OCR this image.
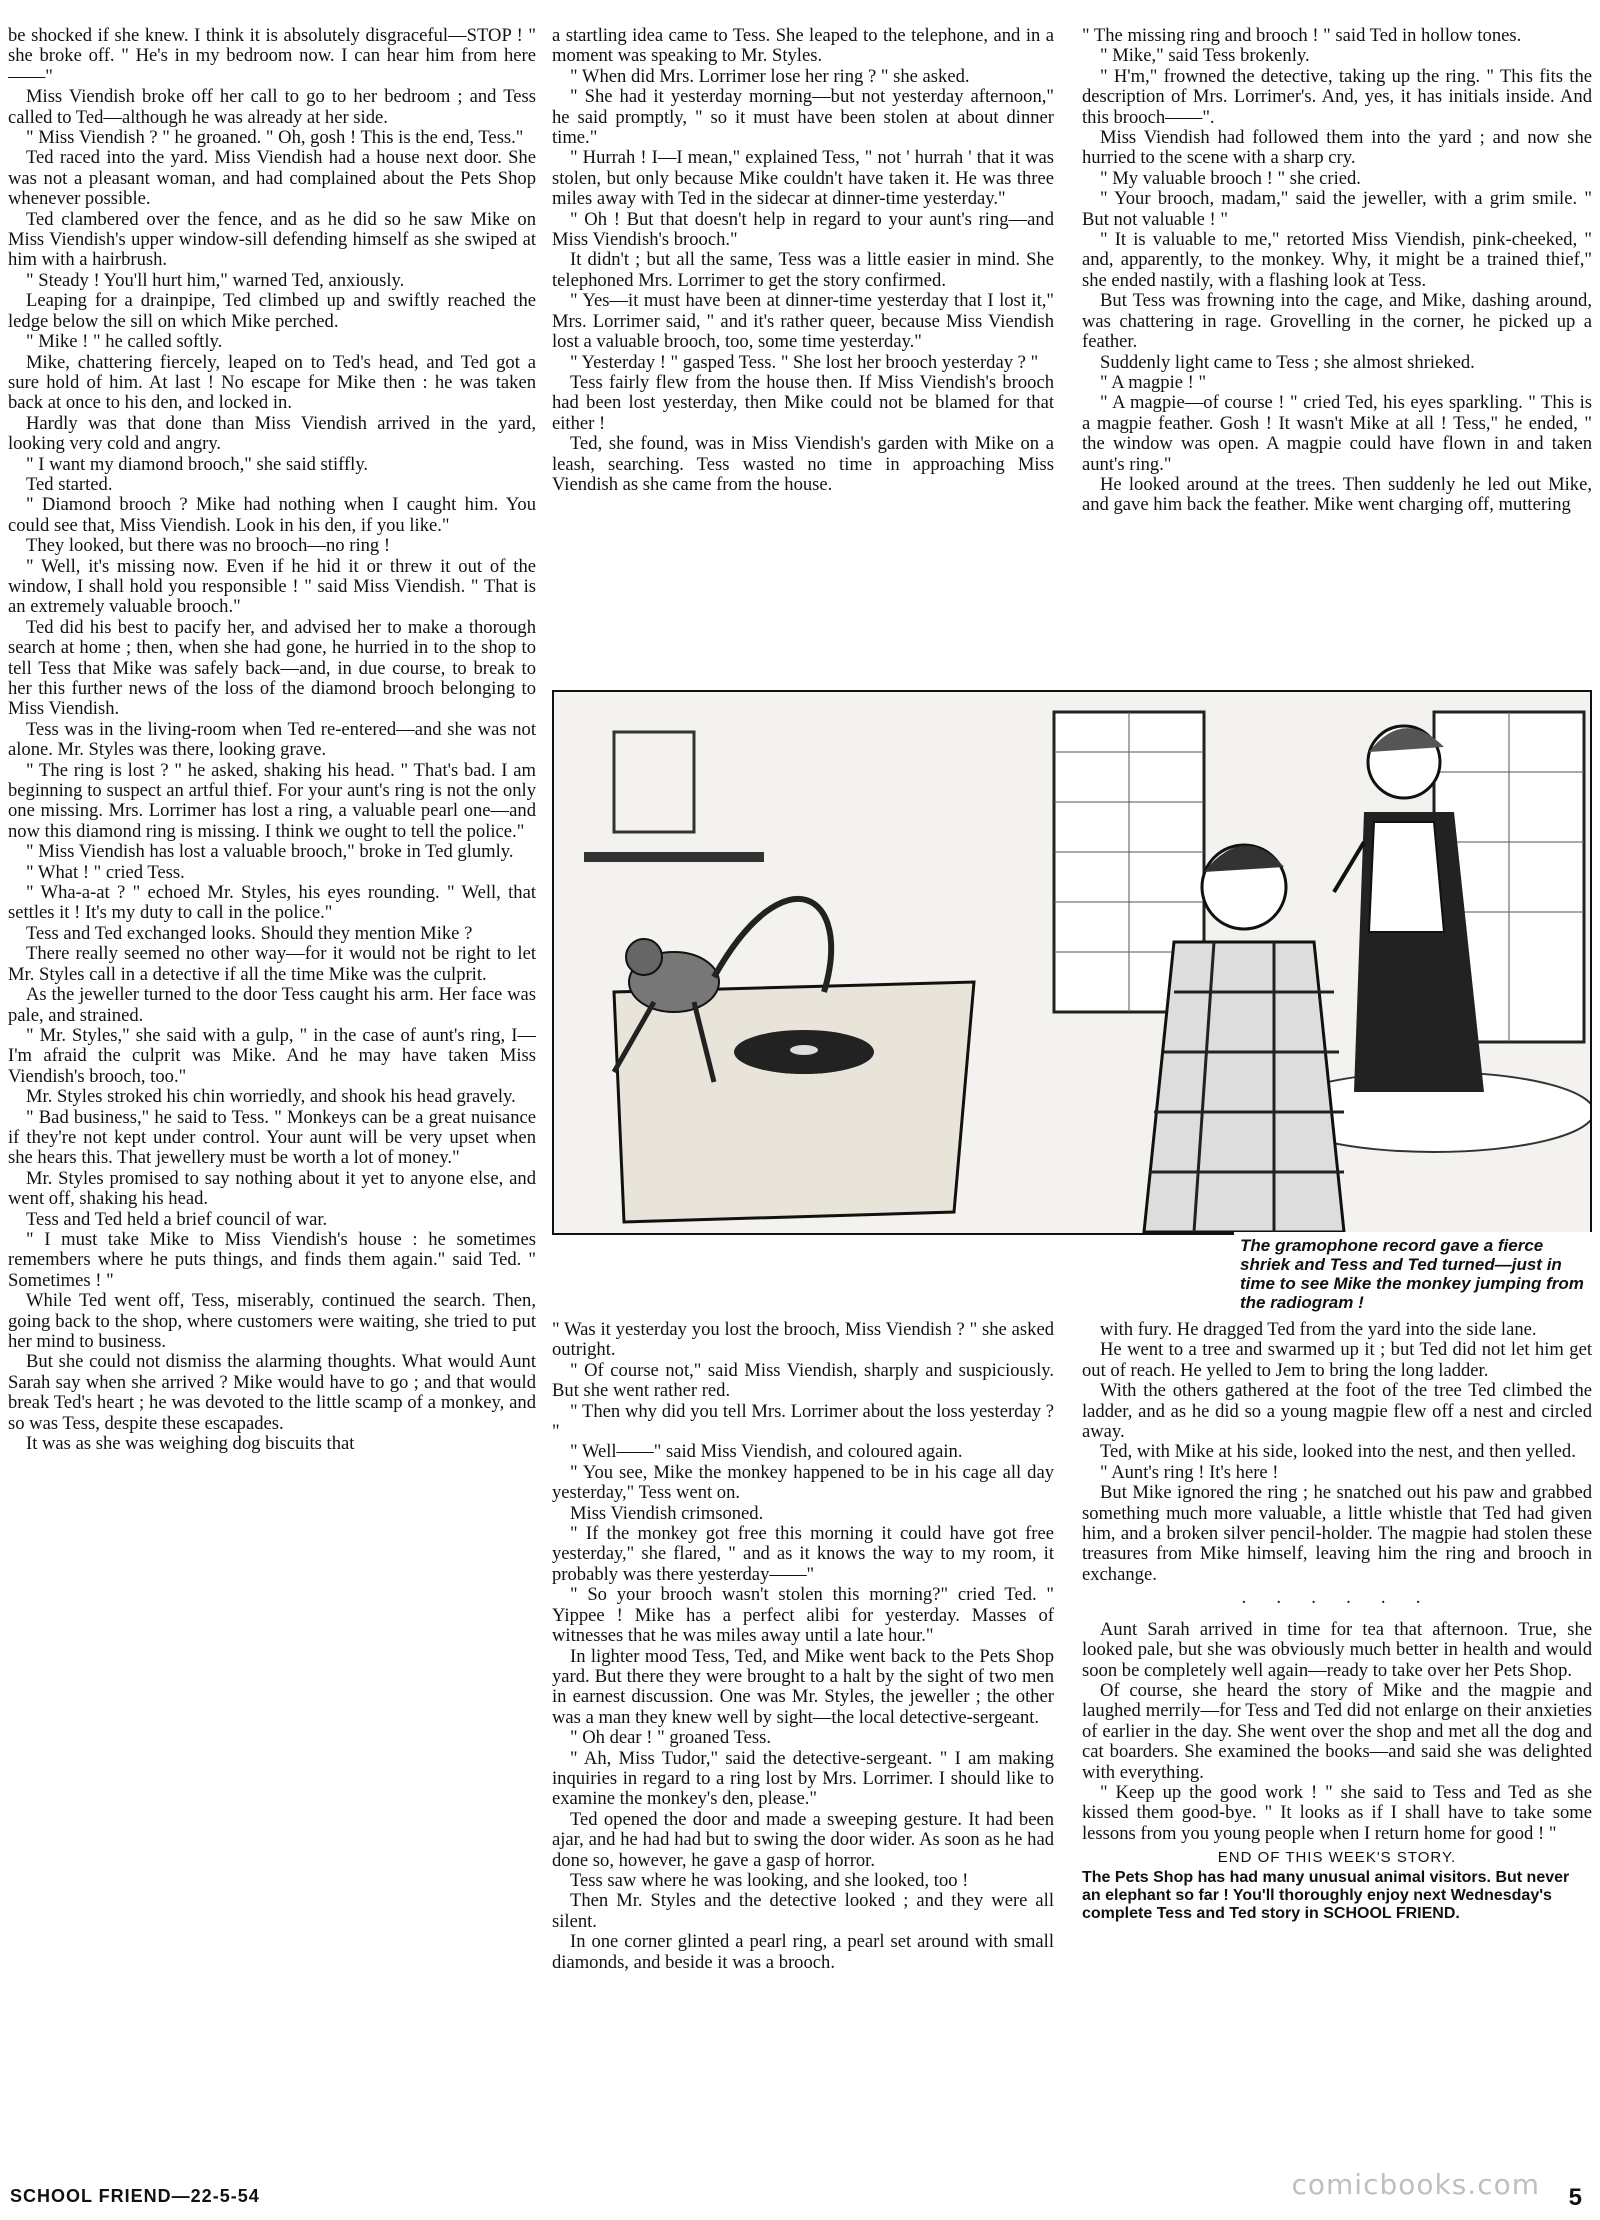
be shocked if she knew. I think it is absolutely disgraceful—STOP ! " she broke off. " He's in my bedroom now. I can hear him from here——"

Miss Viendish broke off her call to go to her bedroom ; and Tess called to Ted—although he was already at her side.

" Miss Viendish ? " he groaned. " Oh, gosh ! This is the end, Tess."

Ted raced into the yard. Miss Viendish had a house next door. She was not a pleasant woman, and had complained about the Pets Shop whenever possible.

Ted clambered over the fence, and as he did so he saw Mike on Miss Viendish's upper window-sill defending himself as she swiped at him with a hairbrush.

" Steady ! You'll hurt him," warned Ted, anxiously.

Leaping for a drainpipe, Ted climbed up and swiftly reached the ledge below the sill on which Mike perched.

" Mike ! " he called softly.

Mike, chattering fiercely, leaped on to Ted's head, and Ted got a sure hold of him. At last ! No escape for Mike then : he was taken back at once to his den, and locked in.

Hardly was that done than Miss Viendish arrived in the yard, looking very cold and angry.

" I want my diamond brooch," she said stiffly.

Ted started.

" Diamond brooch ? Mike had nothing when I caught him. You could see that, Miss Viendish. Look in his den, if you like."

They looked, but there was no brooch—no ring !

" Well, it's missing now. Even if he hid it or threw it out of the window, I shall hold you responsible ! " said Miss Viendish. " That is an extremely valuable brooch."

Ted did his best to pacify her, and advised her to make a thorough search at home ; then, when she had gone, he hurried in to the shop to tell Tess that Mike was safely back—and, in due course, to break to her this further news of the loss of the diamond brooch belonging to Miss Viendish.

Tess was in the living-room when Ted re-entered—and she was not alone. Mr. Styles was there, looking grave.

" The ring is lost ? " he asked, shaking his head. " That's bad. I am beginning to suspect an artful thief. For your aunt's ring is not the only one missing. Mrs. Lorrimer has lost a ring, a valuable pearl one—and now this diamond ring is missing. I think we ought to tell the police."

" Miss Viendish has lost a valuable brooch," broke in Ted glumly.

" What ! " cried Tess.

" Wha-a-at ? " echoed Mr. Styles, his eyes rounding. " Well, that settles it ! It's my duty to call in the police."

Tess and Ted exchanged looks. Should they mention Mike ?

There really seemed no other way—for it would not be right to let Mr. Styles call in a detective if all the time Mike was the culprit.

As the jeweller turned to the door Tess caught his arm. Her face was pale, and strained.

" Mr. Styles," she said with a gulp, " in the case of aunt's ring, I—I'm afraid the culprit was Mike. And he may have taken Miss Viendish's brooch, too."

Mr. Styles stroked his chin worriedly, and shook his head gravely.

" Bad business," he said to Tess. " Monkeys can be a great nuisance if they're not kept under control. Your aunt will be very upset when she hears this. That jewellery must be worth a lot of money."

Mr. Styles promised to say nothing about it yet to anyone else, and went off, shaking his head.

Tess and Ted held a brief council of war.

" I must take Mike to Miss Viendish's house : he sometimes remembers where he puts things, and finds them again." said Ted. " Sometimes ! "

While Ted went off, Tess, miserably, continued the search. Then, going back to the shop, where customers were waiting, she tried to put her mind to business.

But she could not dismiss the alarming thoughts. What would Aunt Sarah say when she arrived ? Mike would have to go ; and that would break Ted's heart ; he was devoted to the little scamp of a monkey, and so was Tess, despite these escapades.

It was as she was weighing dog biscuits that

a startling idea came to Tess. She leaped to the telephone, and in a moment was speaking to Mr. Styles.

" When did Mrs. Lorrimer lose her ring ? " she asked.

" She had it yesterday morning—but not yesterday afternoon," he said promptly, " so it must have been stolen at about dinner time."

" Hurrah ! I—I mean," explained Tess, " not ' hurrah ' that it was stolen, but only because Mike couldn't have taken it. He was three miles away with Ted in the sidecar at dinner-time yesterday."

" Oh ! But that doesn't help in regard to your aunt's ring—and Miss Viendish's brooch."

It didn't ; but all the same, Tess was a little easier in mind. She telephoned Mrs. Lorrimer to get the story confirmed.

" Yes—it must have been at dinner-time yesterday that I lost it," Mrs. Lorrimer said, " and it's rather queer, because Miss Viendish lost a valuable brooch, too, some time yesterday."

" Yesterday ! " gasped Tess. " She lost her brooch yesterday ? "

Tess fairly flew from the house then. If Miss Viendish's brooch had been lost yesterday, then Mike could not be blamed for that either !

Ted, she found, was in Miss Viendish's garden with Mike on a leash, searching. Tess wasted no time in approaching Miss Viendish as she came from the house.

" The missing ring and brooch ! " said Ted in hollow tones.

" Mike," said Tess brokenly.

" H'm," frowned the detective, taking up the ring. " This fits the description of Mrs. Lorrimer's. And, yes, it has initials inside. And this brooch——".

Miss Viendish had followed them into the yard ; and now she hurried to the scene with a sharp cry.

" My valuable brooch ! " she cried.

" Your brooch, madam," said the jeweller, with a grim smile. " But not valuable ! "

" It is valuable to me," retorted Miss Viendish, pink-cheeked, " and, apparently, to the monkey. Why, it might be a trained thief," she ended nastily, with a flashing look at Tess.

But Tess was frowning into the cage, and Mike, dashing around, was chattering in rage. Grovelling in the corner, he picked up a feather.

Suddenly light came to Tess ; she almost shrieked.

" A magpie ! "

" A magpie—of course ! " cried Ted, his eyes sparkling. " This is a magpie feather. Gosh ! It wasn't Mike at all ! Tess," he ended, " the window was open. A magpie could have flown in and taken aunt's ring."

He looked around at the trees. Then suddenly he led out Mike, and gave him back the feather. Mike went charging off, muttering

The gramophone record gave a fierce shriek and Tess and Ted turned—just in time to see Mike the monkey jumping from the radiogram !

" Was it yesterday you lost the brooch, Miss Viendish ? " she asked outright.

" Of course not," said Miss Viendish, sharply and suspiciously. But she went rather red.

" Then why did you tell Mrs. Lorrimer about the loss yesterday ? "

" Well——" said Miss Viendish, and coloured again.

" You see, Mike the monkey happened to be in his cage all day yesterday," Tess went on.

Miss Viendish crimsoned.

" If the monkey got free this morning it could have got free yesterday," she flared, " and as it knows the way to my room, it probably was there yesterday——"

" So your brooch wasn't stolen this morning?" cried Ted. " Yippee ! Mike has a perfect alibi for yesterday. Masses of witnesses that he was miles away until a late hour."

In lighter mood Tess, Ted, and Mike went back to the Pets Shop yard. But there they were brought to a halt by the sight of two men in earnest discussion. One was Mr. Styles, the jeweller ; the other was a man they knew well by sight—the local detective-sergeant.

" Oh dear ! " groaned Tess.

" Ah, Miss Tudor," said the detective-sergeant. " I am making inquiries in regard to a ring lost by Mrs. Lorrimer. I should like to examine the monkey's den, please."

Ted opened the door and made a sweeping gesture. It had been ajar, and he had had but to swing the door wider. As soon as he had done so, however, he gave a gasp of horror.

Tess saw where he was looking, and she looked, too !

Then Mr. Styles and the detective looked ; and they were all silent.

In one corner glinted a pearl ring, a pearl set around with small diamonds, and beside it was a brooch.

with fury. He dragged Ted from the yard into the side lane.

He went to a tree and swarmed up it ; but Ted did not let him get out of reach. He yelled to Jem to bring the long ladder.

With the others gathered at the foot of the tree Ted climbed the ladder, and as he did so a young magpie flew off a nest and circled away.

Ted, with Mike at his side, looked into the nest, and then yelled.

" Aunt's ring ! It's here !

But Mike ignored the ring ; he snatched out his paw and grabbed something much more valuable, a little whistle that Ted had given him, and a broken silver pencil-holder. The magpie had stolen these treasures from Mike himself, leaving him the ring and brooch in exchange.

· · · · · ·

Aunt Sarah arrived in time for tea that afternoon. True, she looked pale, but she was obviously much better in health and would soon be completely well again—ready to take over her Pets Shop.

Of course, she heard the story of Mike and the magpie and laughed merrily—for Tess and Ted did not enlarge on their anxieties of earlier in the day. She went over the shop and met all the dog and cat boarders. She examined the books—and said she was delighted with everything.

" Keep up the good work ! " she said to Tess and Ted as she kissed them good-bye. " It looks as if I shall have to take some lessons from you young people when I return home for good ! "

END OF THIS WEEK'S STORY.

The Pets Shop has had many unusual animal visitors. But never an elephant so far ! You'll thoroughly enjoy next Wednesday's complete Tess and Ted story in SCHOOL FRIEND.

SCHOOL FRIEND—22-5-54	comicbooks.com 5
